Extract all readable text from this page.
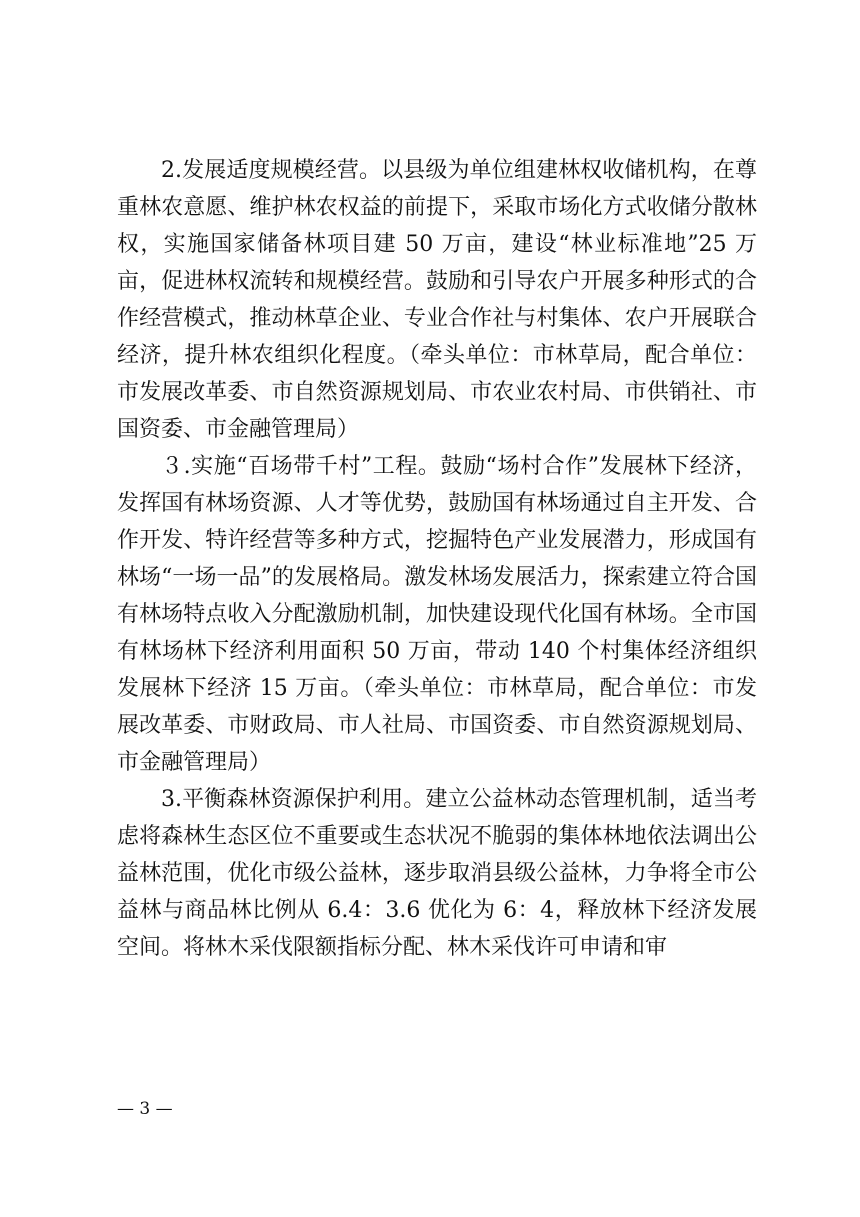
2.发展适度规模经营。以县级为单位组建林权收储机构，在尊重林农意愿、维护林农权益的前提下，采取市场化方式收储分散林权，实施国家储备林项目建 50 万亩，建设“林业标准地”25 万亩，促进林权流转和规模经营。鼓励和引导农户开展多种形式的合作经营模式，推动林草企业、专业合作社与村集体、农户开展联合经济，提升林农组织化程度。（牵头单位：市林草局，配合单位：市发展改革委、市自然资源规划局、市农业农村局、市供销社、市国资委、市金融管理局）

３.实施“百场带千村”工程。鼓励“场村合作”发展林下经济，发挥国有林场资源、人才等优势，鼓励国有林场通过自主开发、合作开发、特许经营等多种方式，挖掘特色产业发展潜力，形成国有林场“一场一品”的发展格局。激发林场发展活力，探索建立符合国有林场特点收入分配激励机制，加快建设现代化国有林场。全市国有林场林下经济利用面积 50 万亩，带动 140 个村集体经济组织发展林下经济 15 万亩。（牵头单位：市林草局，配合单位：市发展改革委、市财政局、市人社局、市国资委、市自然资源规划局、市金融管理局）

3.平衡森林资源保护利用。建立公益林动态管理机制，适当考虑将森林生态区位不重要或生态状况不脆弱的集体林地依法调出公益林范围，优化市级公益林，逐步取消县级公益林，力争将全市公益林与商品林比例从 6.4：3.6 优化为 6：4，释放林下经济发展空间。将林木采伐限额指标分配、林木采伐许可申请和审

— 3 —
